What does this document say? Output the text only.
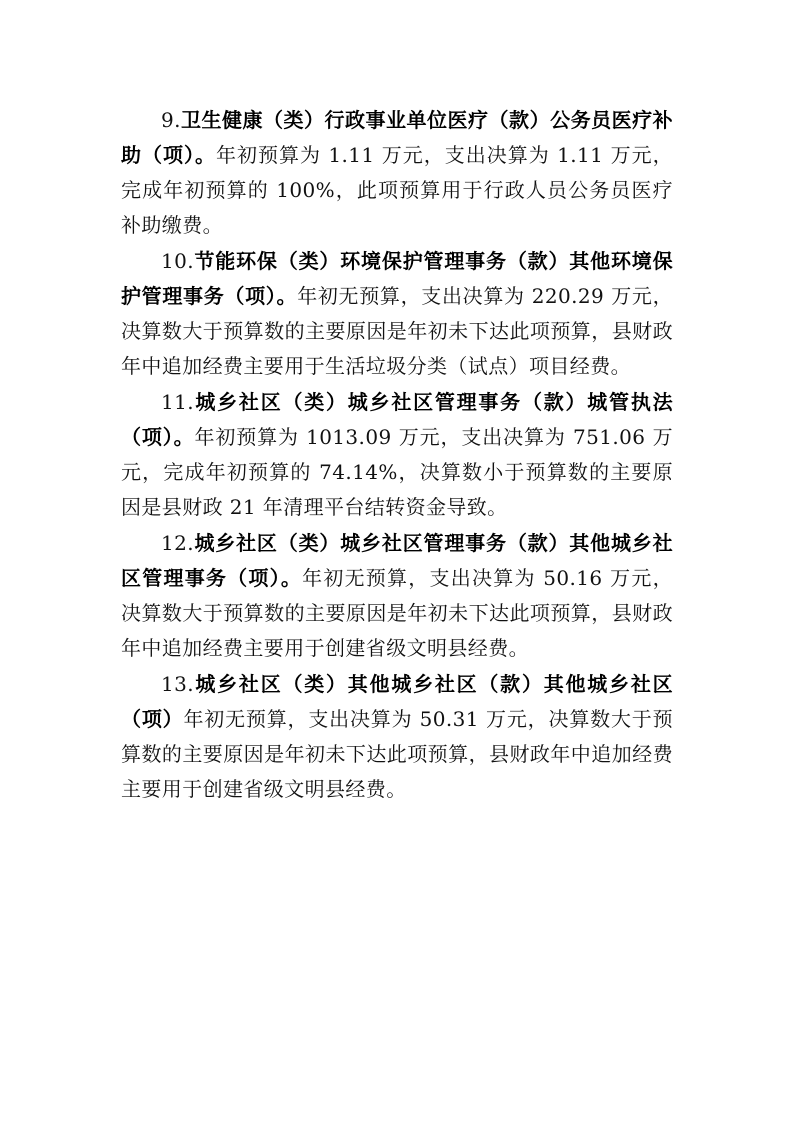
9.卫生健康（类）行政事业单位医疗（款）公务员医疗补助（项）。年初预算为 1.11 万元，支出决算为 1.11 万元，完成年初预算的 100%，此项预算用于行政人员公务员医疗补助缴费。

10.节能环保（类）环境保护管理事务（款）其他环境保护管理事务（项）。年初无预算，支出决算为 220.29 万元，决算数大于预算数的主要原因是年初未下达此项预算，县财政年中追加经费主要用于生活垃圾分类（试点）项目经费。

11.城乡社区（类）城乡社区管理事务（款）城管执法（项）。年初预算为 1013.09 万元，支出决算为 751.06 万元，完成年初预算的 74.14%，决算数小于预算数的主要原因是县财政 21 年清理平台结转资金导致。

12.城乡社区（类）城乡社区管理事务（款）其他城乡社区管理事务（项）。年初无预算，支出决算为 50.16 万元，决算数大于预算数的主要原因是年初未下达此项预算，县财政年中追加经费主要用于创建省级文明县经费。

13.城乡社区（类）其他城乡社区（款）其他城乡社区（项）年初无预算，支出决算为 50.31 万元，决算数大于预算数的主要原因是年初未下达此项预算，县财政年中追加经费主要用于创建省级文明县经费。
